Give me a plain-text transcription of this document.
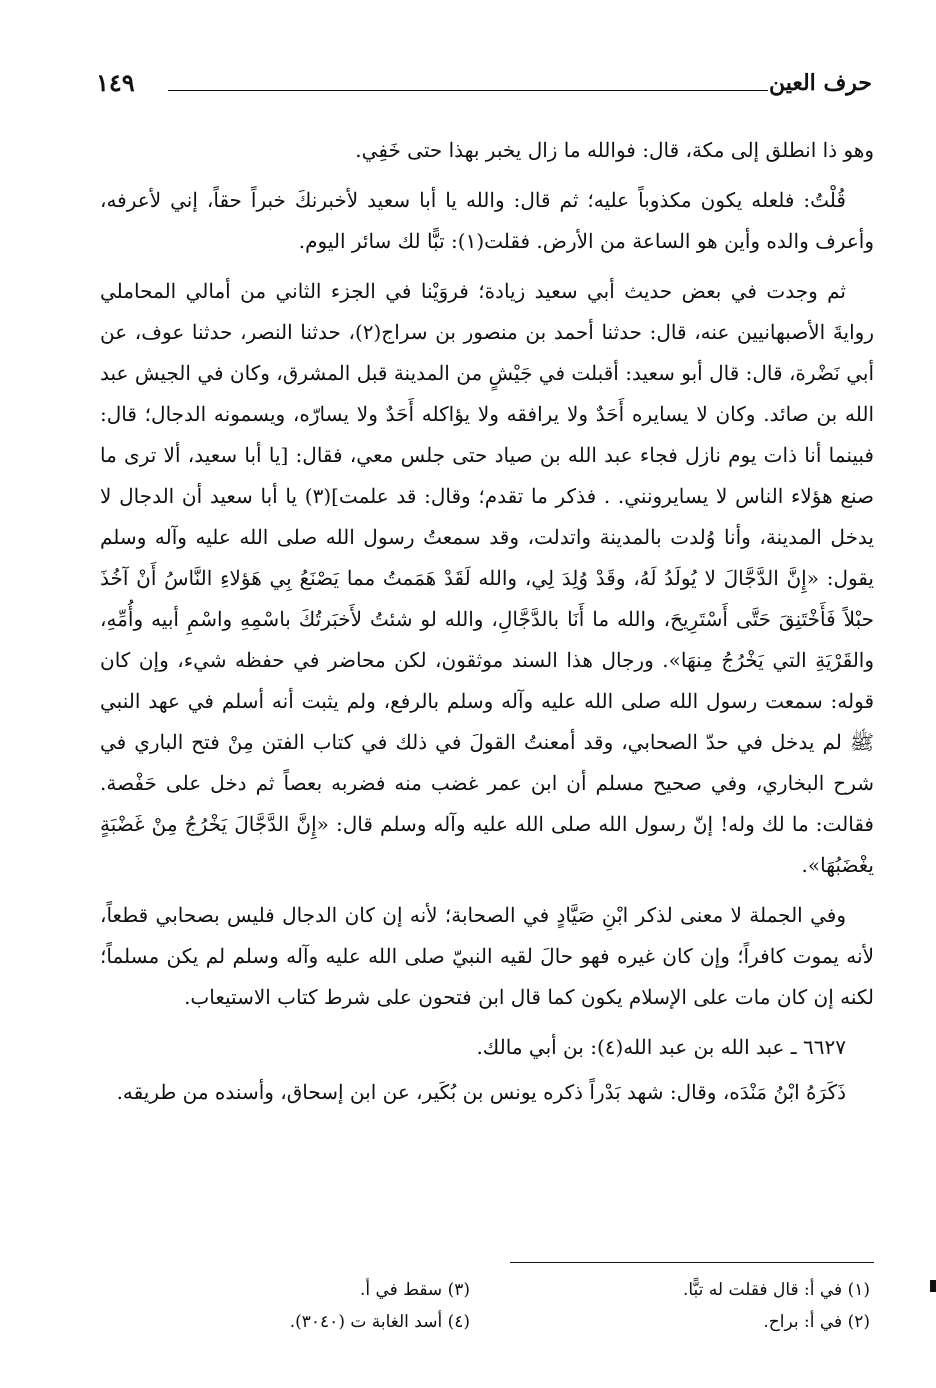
حرف العين
١٤٩

وهو ذا انطلق إلى مكة، قال: فوالله ما زال يخبر بهذا حتى خَفِي.

قُلْتُ: فلعله يكون مكذوباً عليه؛ ثم قال: والله يا أبا سعيد لأخبرنكَ خبراً حقاً، إني لأعرفه، وأعرف والده وأين هو الساعة من الأرض. فقلت(١): تبًّا لك سائر اليوم.

ثم وجدت في بعض حديث أبي سعيد زيادة؛ فروَيْنا في الجزء الثاني من أمالي المحاملي روايةَ الأصبهانيين عنه، قال: حدثنا أحمد بن منصور بن سراج(٢)، حدثنا النصر، حدثنا عوف، عن أبي نَضْرة، قال: قال أبو سعيد: أقبلت في جَيْشٍ من المدينة قبل المشرق، وكان في الجيش عبد الله بن صائد. وكان لا يسايره أَحَدٌ ولا يرافقه ولا يؤاكله أَحَدٌ ولا يسارّه، ويسمونه الدجال؛ قال: فبينما أنا ذات يوم نازل فجاء عبد الله بن صياد حتى جلس معي، فقال: [يا أبا سعيد، ألا ترى ما صنع هؤلاء الناس لا يسايرونني. . فذكر ما تقدم؛ وقال: قد علمت](٣) يا أبا سعيد أن الدجال لا يدخل المدينة، وأنا وُلدت بالمدينة واتدلت، وقد سمعتُ رسول الله صلى الله عليه وآله وسلم يقول: «إِنَّ الدَّجَّالَ لا يُولَدُ لَهُ، وقَدْ وُلِدَ لِي، والله لَقَدْ هَمَمتُ مما يَصْنَعُ بِي هَؤلاءِ النَّاسُ أَنْ آخُذَ حبْلاً فَأَخْتَنِقَ حَتَّى أَسْتَرِيحَ، والله ما أَنَا بالدَّجَّالِ، والله لو شئتُ لأَخبَرتُكَ باسْمِهِ واسْمِ أبيه وأُمِّهِ، والقَرْيَةِ التي يَخْرُجُ مِنهَا». ورجال هذا السند موثقون، لكن محاضر في حفظه شيء، وإن كان قوله: سمعت رسول الله صلى الله عليه وآله وسلم بالرفع، ولم يثبت أنه أسلم في عهد النبي ﷺ لم يدخل في حدّ الصحابي، وقد أمعنتُ القولَ في ذلك في كتاب الفتن مِنْ فتح الباري في شرح البخاري، وفي صحيح مسلم أن ابن عمر غضب منه فضربه بعصاً ثم دخل على حَفْصة. فقالت: ما لك وله! إنّ رسول الله صلى الله عليه وآله وسلم قال: «إِنَّ الدَّجَّالَ يَخْرُجُ مِنْ غَضْبَةٍ يغْضَبُهَا».

وفي الجملة لا معنى لذكر ابْنِ صَيَّادٍ في الصحابة؛ لأنه إن كان الدجال فليس بصحابي قطعاً، لأنه يموت كافراً؛ وإن كان غيره فهو حالَ لقيه النبيّ صلى الله عليه وآله وسلم لم يكن مسلماً؛ لكنه إن كان مات على الإسلام يكون كما قال ابن فتحون على شرط كتاب الاستيعاب.

٦٦٢٧ ـ عبد الله بن عبد الله(٤): بن أبي مالك.

ذَكَرَهُ ابْنُ مَنْدَه، وقال: شهد بَدْراً ذكره يونس بن بُكَير، عن ابن إسحاق، وأسنده من طريقه.

(١) في أ: قال فقلت له تبًّا.
(٢) في أ: براح.
(٣) سقط في أ.
(٤) أسد الغابة ت (٣٠٤٠).
